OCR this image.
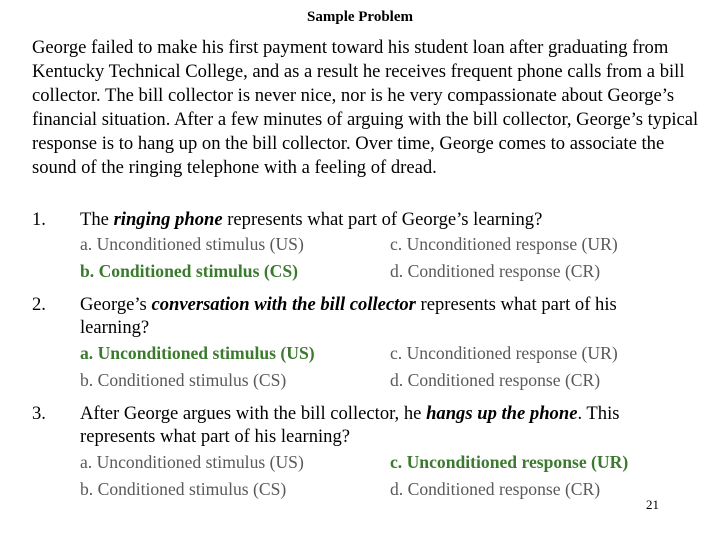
Sample Problem
George failed to make his first payment toward his student loan after graduating from Kentucky Technical College, and as a result he receives frequent phone calls from a bill collector. The bill collector is never nice, nor is he very compassionate about George’s financial situation. After a few minutes of arguing with the bill collector, George’s typical response is to hang up on the bill collector. Over time, George comes to associate the sound of the ringing telephone with a feeling of dread.
1. The ringing phone represents what part of George’s learning?
a. Unconditioned stimulus (US)
b. Conditioned stimulus (CS)
c. Unconditioned response (UR)
d. Conditioned response (CR)
2. George’s conversation with the bill collector represents what part of his learning?
a. Unconditioned stimulus (US)
b. Conditioned stimulus (CS)
c. Unconditioned response (UR)
d. Conditioned response (CR)
3. After George argues with the bill collector, he hangs up the phone. This represents what part of his learning?
a. Unconditioned stimulus (US)
b. Conditioned stimulus (CS)
c. Unconditioned response (UR)
d. Conditioned response (CR)
21
